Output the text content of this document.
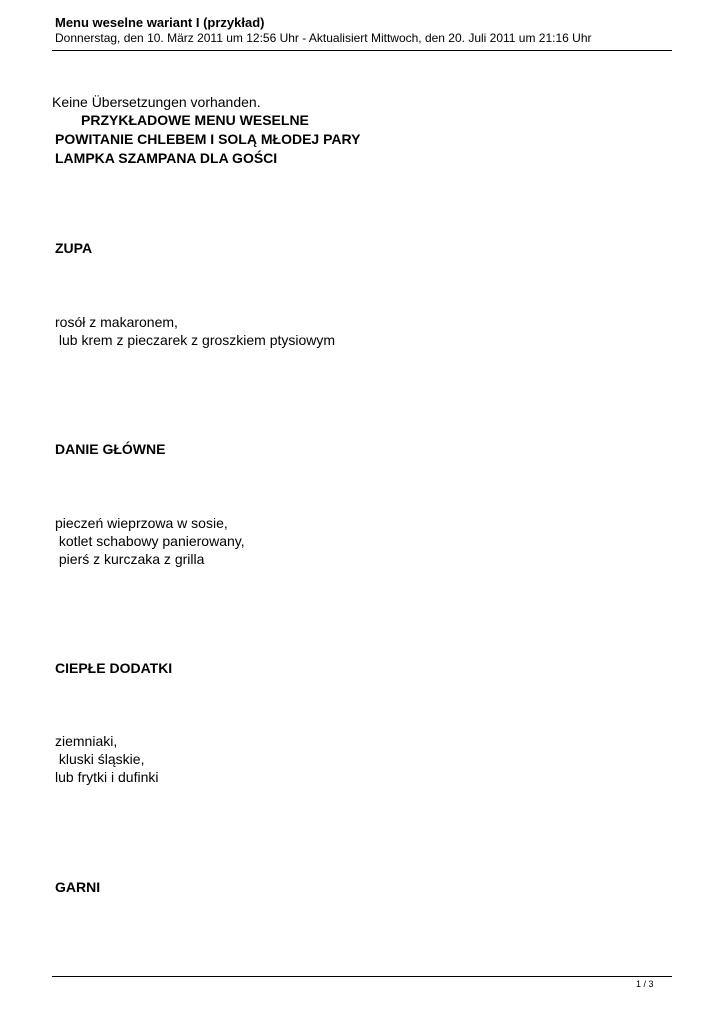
Menu weselne wariant I (przykład)
Donnerstag, den 10. März 2011 um 12:56 Uhr - Aktualisiert Mittwoch, den 20. Juli 2011 um 21:16 Uhr
Keine Übersetzungen vorhanden.
PRZYKŁADOWE MENU WESELNE
POWITANIE CHLEBEM I SOLĄ MŁODEJ PARY
LAMPKA SZAMPANA DLA GOŚCI
ZUPA
rosół z makaronem,
lub krem z pieczarek z groszkiem ptysiowym
DANIE GŁÓWNE
pieczeń wieprzowa w sosie,
kotlet schabowy panierowany,
pierś z kurczaka z grilla
CIEPŁE DODATKI
ziemniaki,
kluski śląskie,
lub frytki i dufinki
GARNI
1 / 3
